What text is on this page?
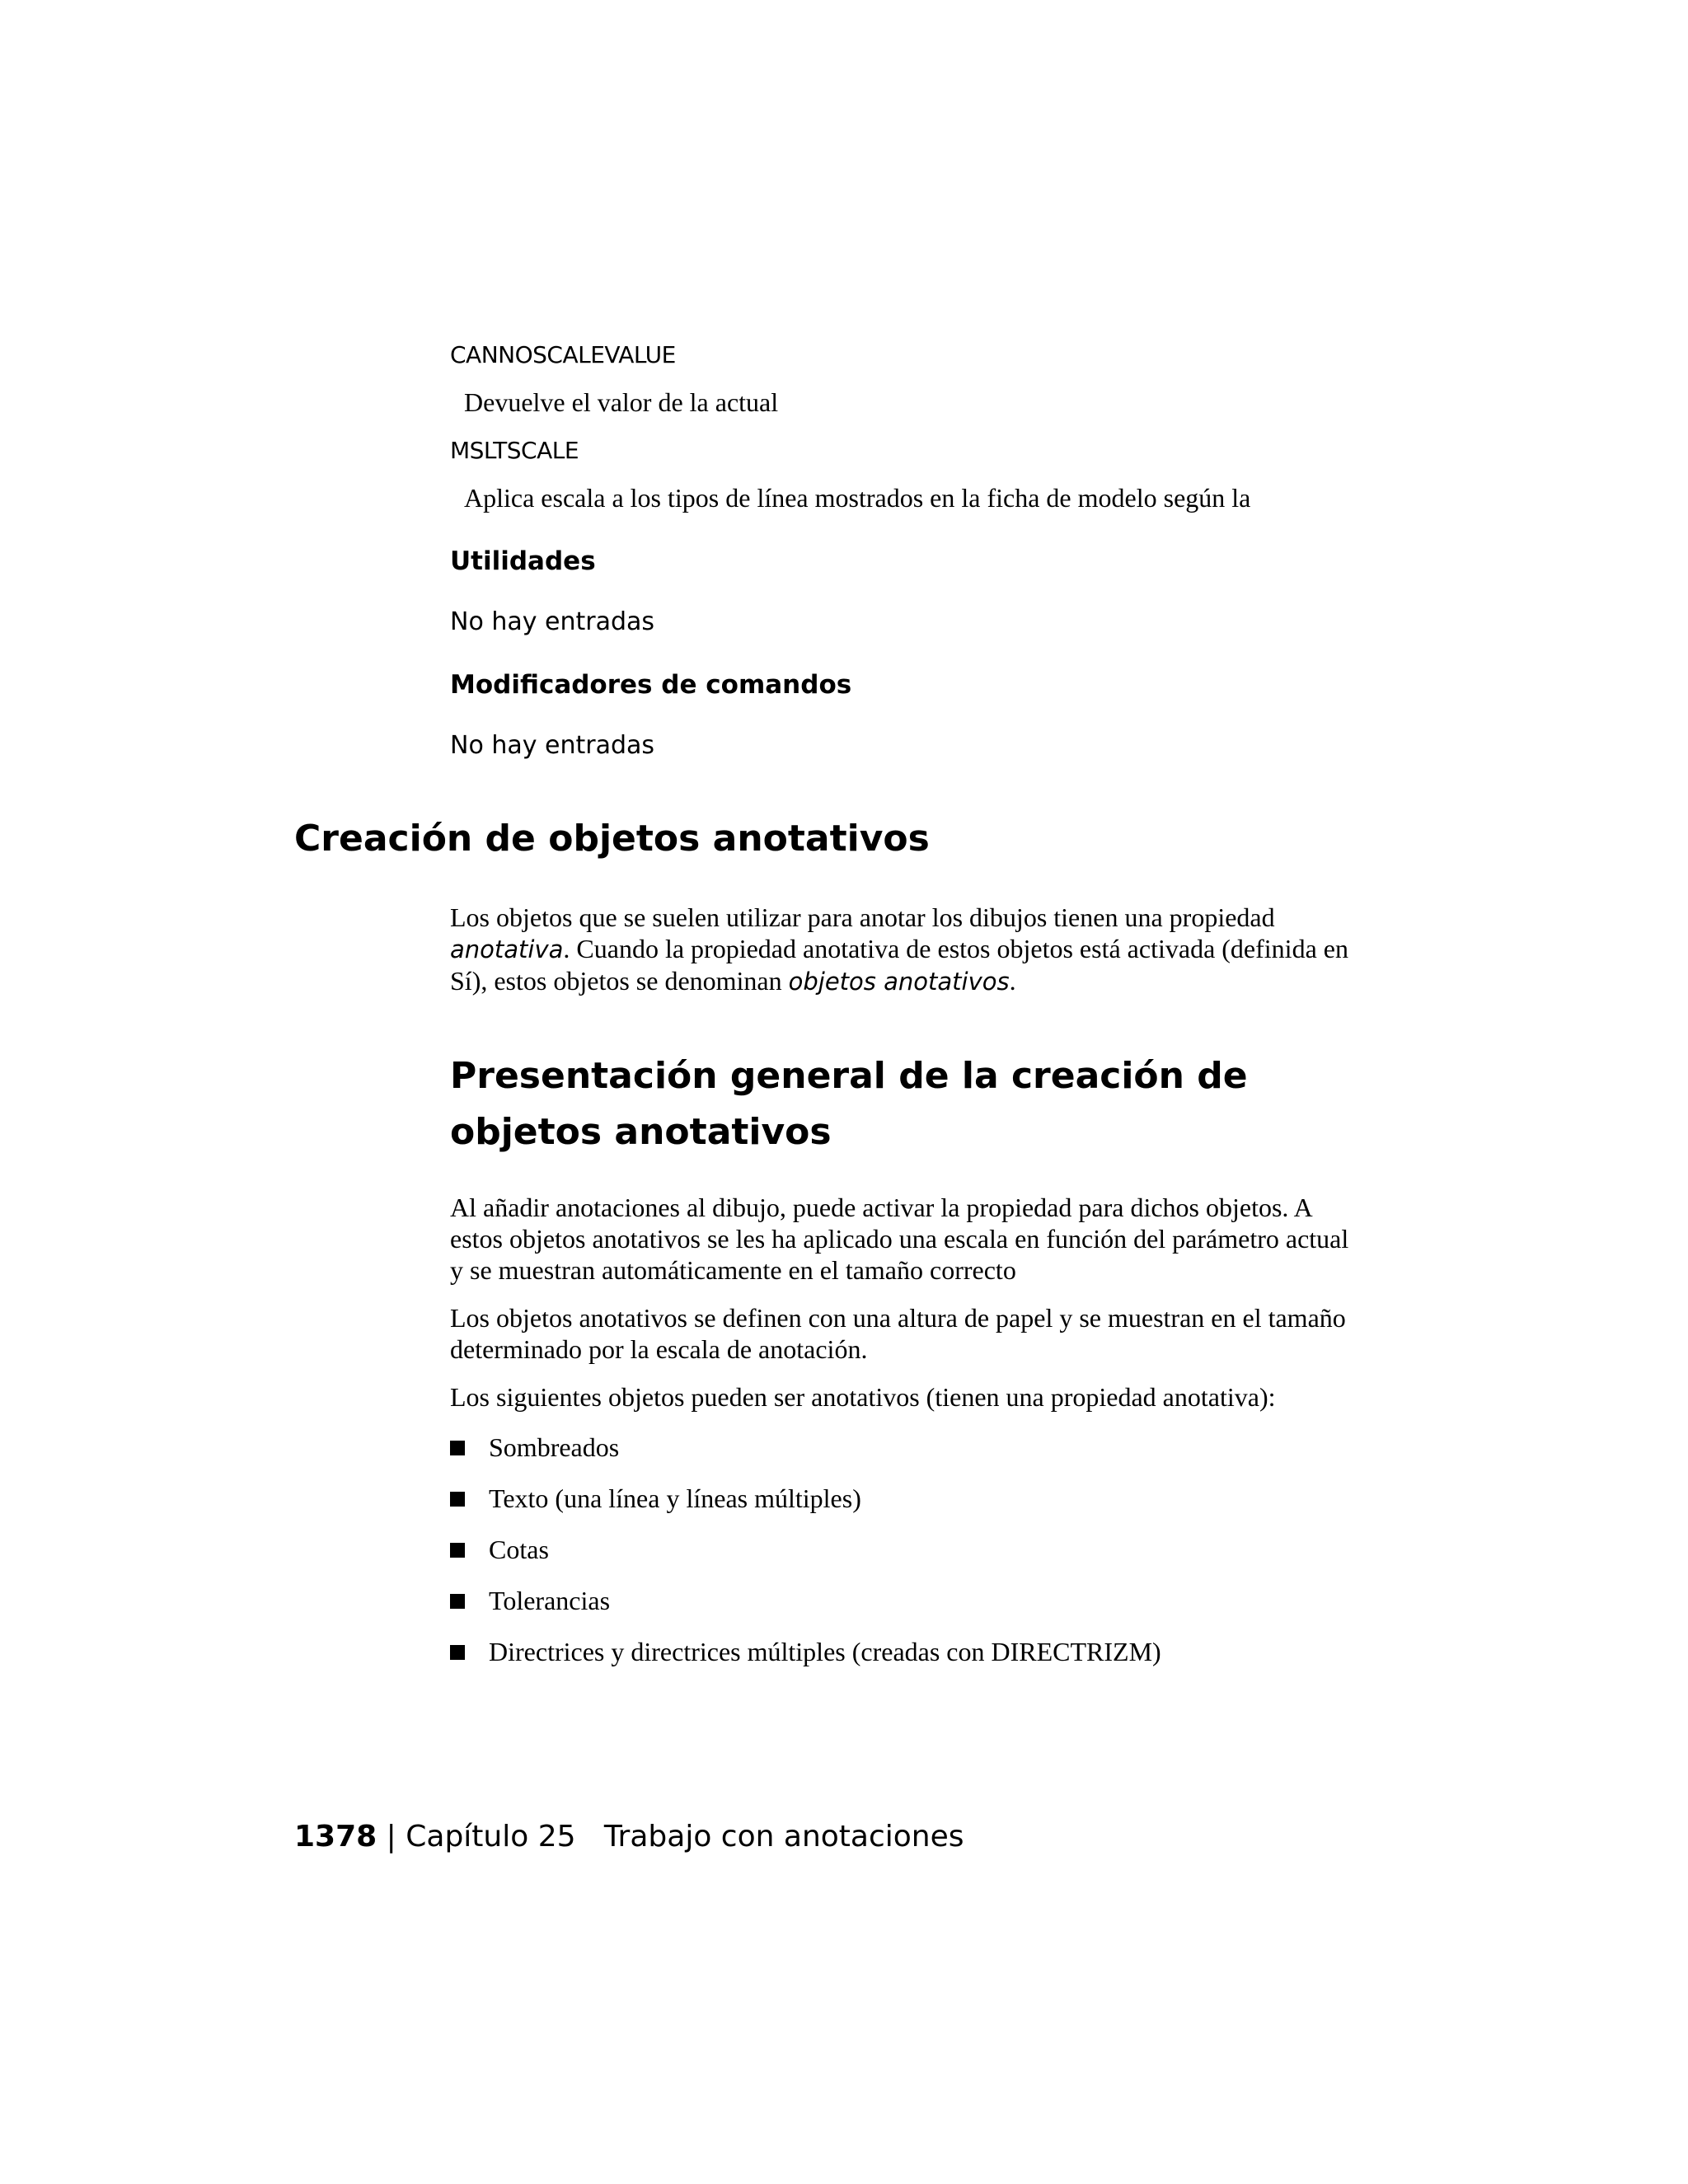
CANNOSCALEVALUE
Devuelve el valor de la actual
MSLTSCALE
Aplica escala a los tipos de línea mostrados en la ficha de modelo según la
Utilidades
No hay entradas
Modificadores de comandos
No hay entradas
Creación de objetos anotativos
Los objetos que se suelen utilizar para anotar los dibujos tienen una propiedad anotativa. Cuando la propiedad anotativa de estos objetos está activada (definida en Sí), estos objetos se denominan objetos anotativos.
Presentación general de la creación de objetos anotativos
Al añadir anotaciones al dibujo, puede activar la propiedad para dichos objetos. A estos objetos anotativos se les ha aplicado una escala en función del parámetro actual y se muestran automáticamente en el tamaño correcto
Los objetos anotativos se definen con una altura de papel y se muestran en el tamaño determinado por la escala de anotación.
Los siguientes objetos pueden ser anotativos (tienen una propiedad anotativa):
Sombreados
Texto (una línea y líneas múltiples)
Cotas
Tolerancias
Directrices y directrices múltiples (creadas con DIRECTRIZM)
1378 | Capítulo 25 Trabajo con anotaciones
